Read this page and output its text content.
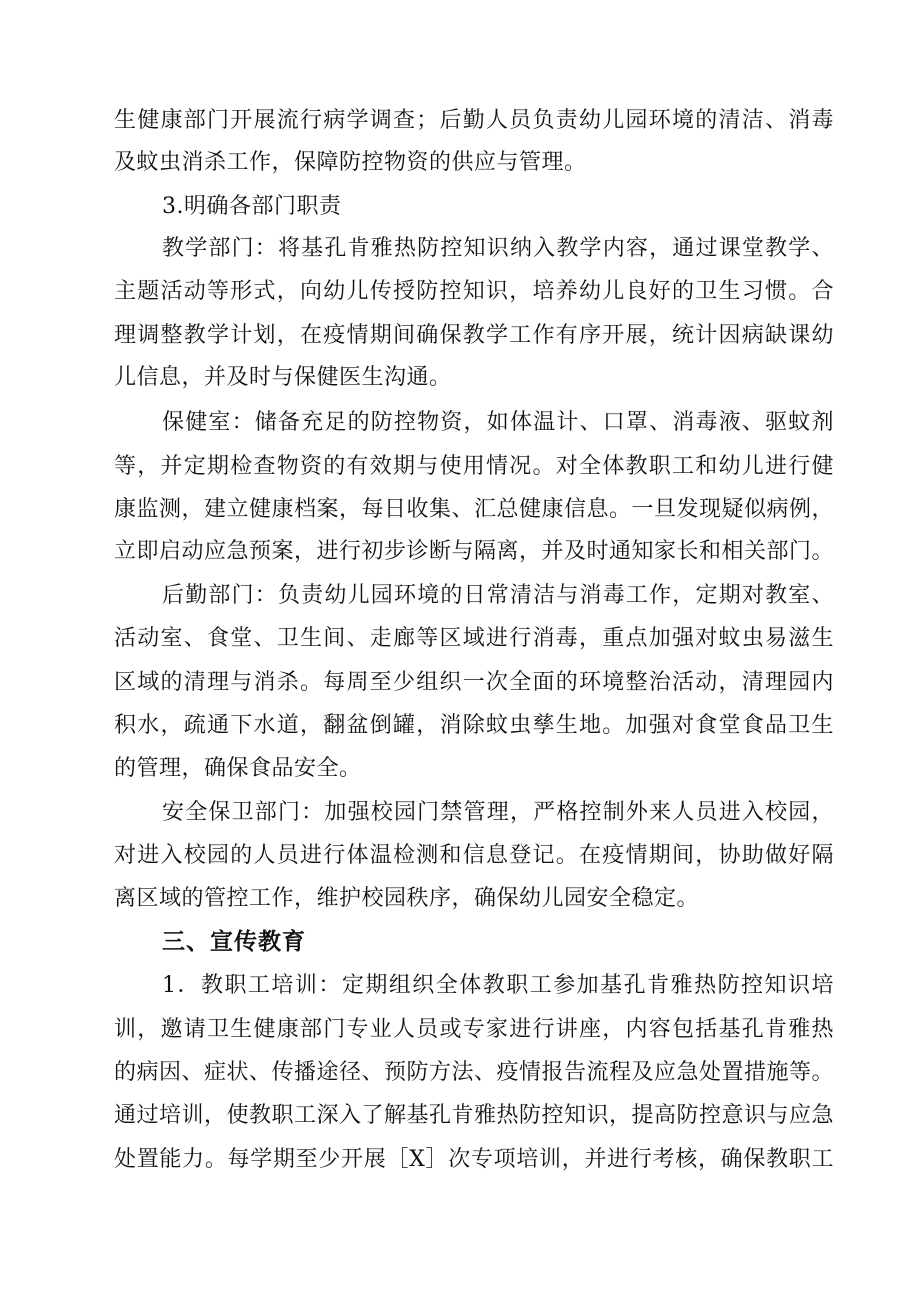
生健康部门开展流行病学调查；后勤人员负责幼儿园环境的清洁、消毒
及蚊虫消杀工作，保障防控物资的供应与管理。
3.明确各部门职责
教学部门：将基孔肯雅热防控知识纳入教学内容，通过课堂教学、
主题活动等形式，向幼儿传授防控知识，培养幼儿良好的卫生习惯。合
理调整教学计划，在疫情期间确保教学工作有序开展，统计因病缺课幼
儿信息，并及时与保健医生沟通。
保健室：储备充足的防控物资，如体温计、口罩、消毒液、驱蚊剂
等，并定期检查物资的有效期与使用情况。对全体教职工和幼儿进行健
康监测，建立健康档案，每日收集、汇总健康信息。一旦发现疑似病例，
立即启动应急预案，进行初步诊断与隔离，并及时通知家长和相关部门。
后勤部门：负责幼儿园环境的日常清洁与消毒工作，定期对教室、
活动室、食堂、卫生间、走廊等区域进行消毒，重点加强对蚊虫易滋生
区域的清理与消杀。每周至少组织一次全面的环境整治活动，清理园内
积水，疏通下水道，翻盆倒罐，消除蚊虫孳生地。加强对食堂食品卫生
的管理，确保食品安全。
安全保卫部门：加强校园门禁管理，严格控制外来人员进入校园，
对进入校园的人员进行体温检测和信息登记。在疫情期间，协助做好隔
离区域的管控工作，维护校园秩序，确保幼儿园安全稳定。
三、宣传教育
1．教职工培训：定期组织全体教职工参加基孔肯雅热防控知识培
训，邀请卫生健康部门专业人员或专家进行讲座，内容包括基孔肯雅热
的病因、症状、传播途径、预防方法、疫情报告流程及应急处置措施等。
通过培训，使教职工深入了解基孔肯雅热防控知识，提高防控意识与应急
处置能力。每学期至少开展［X］次专项培训，并进行考核，确保教职工
